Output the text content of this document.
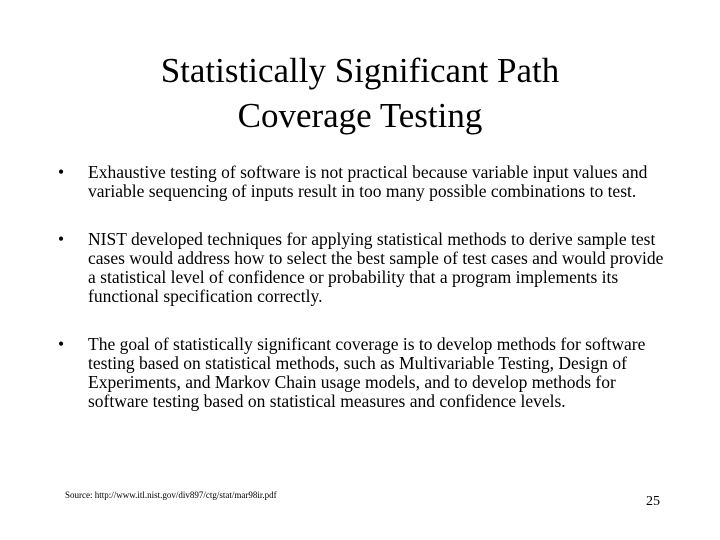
Statistically Significant Path
Coverage Testing
• Exhaustive testing of software is not practical because variable input values and variable sequencing of inputs result in too many possible combinations to test.
• NIST developed techniques for applying statistical methods to derive sample test cases would address how to select the best sample of test cases and would provide a statistical level of confidence or probability that a program implements its functional specification correctly.
• The goal of statistically significant coverage is to develop methods for software testing based on statistical methods, such as Multivariable Testing, Design of Experiments, and Markov Chain usage models, and to develop methods for software testing based on statistical measures and confidence levels.
Source: http://www.itl.nist.gov/div897/ctg/stat/mar98ir.pdf	25
